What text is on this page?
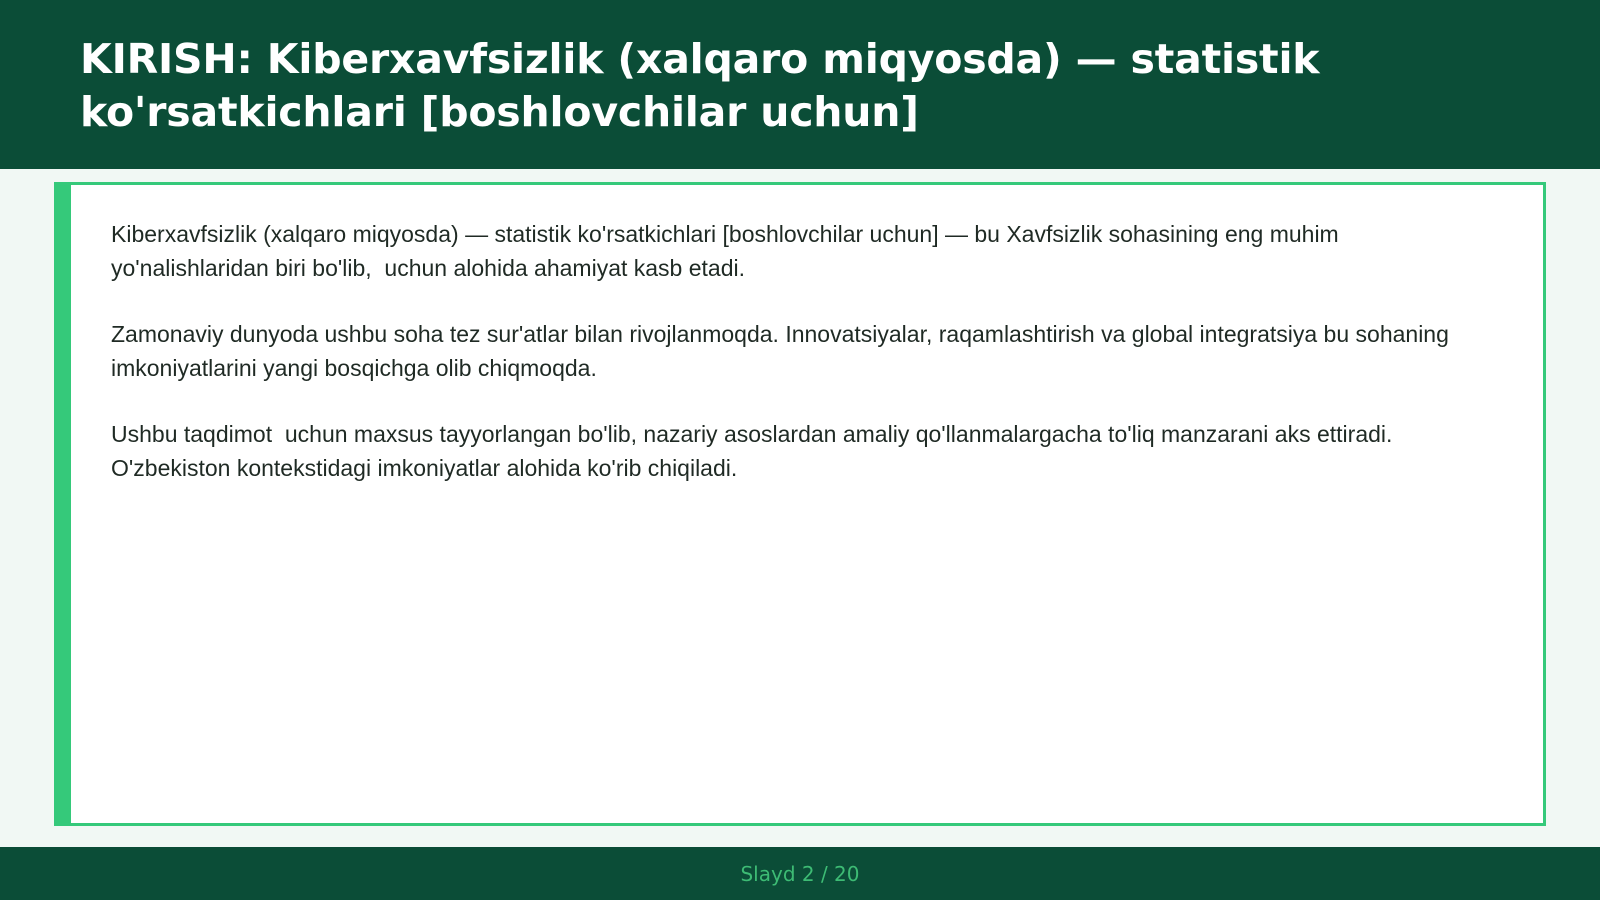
KIRISH: Kiberxavfsizlik (xalqaro miqyosda) — statistik ko'rsatkichlari [boshlovchilar uchun]

Kiberxavfsizlik (xalqaro miqyosda) — statistik ko'rsatkichlari [boshlovchilar uchun] — bu Xavfsizlik sohasining eng muhim yo'nalishlaridan biri bo'lib,  uchun alohida ahamiyat kasb etadi.

Zamonaviy dunyoda ushbu soha tez sur'atlar bilan rivojlanmoqda. Innovatsiyalar, raqamlashtirish va global integratsiya bu sohaning imkoniyatlarini yangi bosqichga olib chiqmoqda.

Ushbu taqdimot  uchun maxsus tayyorlangan bo'lib, nazariy asoslardan amaliy qo'llanmalargacha to'liq manzarani aks ettiradi. O'zbekiston kontekstidagi imkoniyatlar alohida ko'rib chiqiladi.

Slayd 2 / 20
